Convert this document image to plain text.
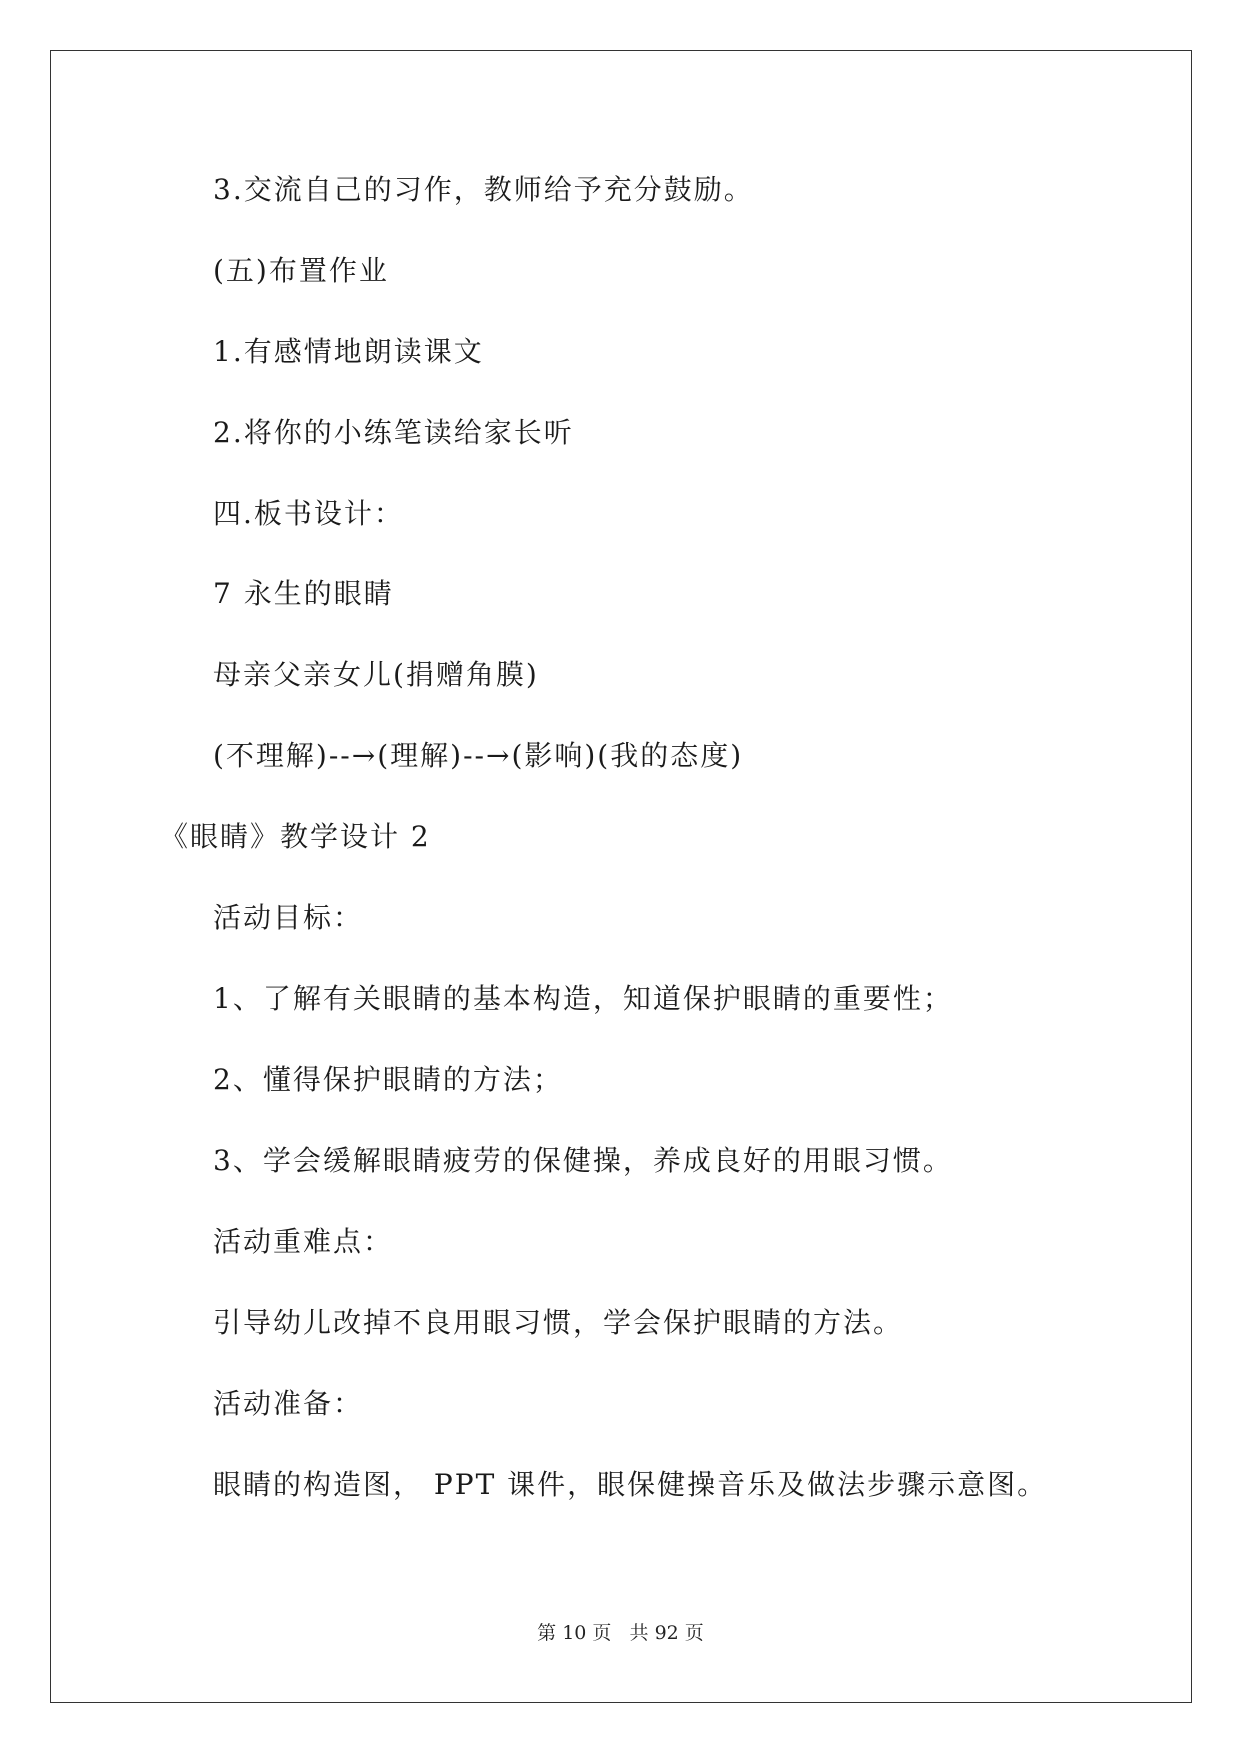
3.交流自己的习作，教师给予充分鼓励。
(五)布置作业
1.有感情地朗读课文
2.将你的小练笔读给家长听
四.板书设计：
7 永生的眼睛
母亲父亲女儿(捐赠角膜)
(不理解)--→(理解)--→(影响)(我的态度)
《眼睛》教学设计 2
活动目标：
1、了解有关眼睛的基本构造，知道保护眼睛的重要性；
2、懂得保护眼睛的方法；
3、学会缓解眼睛疲劳的保健操，养成良好的用眼习惯。
活动重难点：
引导幼儿改掉不良用眼习惯，学会保护眼睛的方法。
活动准备：
眼睛的构造图， PPT 课件，眼保健操音乐及做法步骤示意图。
第 10 页   共 92 页
